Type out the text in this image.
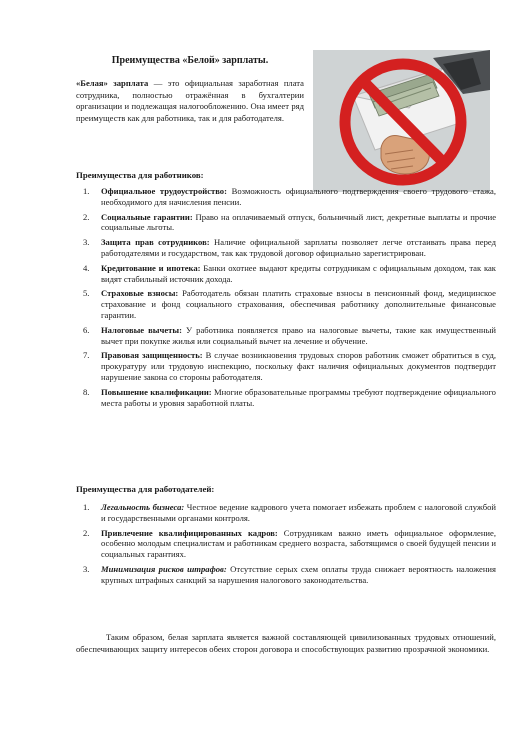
Преимущества «Белой» зарплаты.
«Белая» зарплата — это официальная заработная плата сотрудника, полностью отражённая в бухгалтерии организации и подлежащая налогообложению. Она имеет ряд преимуществ как для работника, так и для работодателя.
Преимущества для работников:
1.	Официальное трудоустройство: Возможность официального подтверждения своего трудового стажа, необходимого для начисления пенсии.
2.	Социальные гарантии: Право на оплачиваемый отпуск, больничный лист, декретные выплаты и прочие социальные льготы.
3.	Защита прав сотрудников: Наличие официальной зарплаты позволяет легче отстаивать права перед работодателями и государством, так как трудовой договор официально зарегистрирован.
4.	Кредитование и ипотека: Банки охотнее выдают кредиты сотрудникам с официальным доходом, так как видят стабильный источник дохода.
5.	Страховые взносы: Работодатель обязан платить страховые взносы в пенсионный фонд, медицинское страхование и фонд социального страхования, обеспечивая работнику дополнительные финансовые гарантии.
6.	Налоговые вычеты: У работника появляется право на налоговые вычеты, такие как имущественный вычет при покупке жилья или социальный вычет на лечение и обучение.
7.	Правовая защищенность: В случае возникновения трудовых споров работник сможет обратиться в суд, прокуратуру или трудовую инспекцию, поскольку факт наличия официальных документов подтвердит нарушение закона со стороны работодателя.
8.	Повышение квалификации: Многие образовательные программы требуют подтверждение официального места работы и уровня заработной платы.
Преимущества для работодателей:
1.	Легальность бизнеса: Честное ведение кадрового учета помогает избежать проблем с налоговой службой и государственными органами контроля.
2.	Привлечение квалифицированных кадров: Сотрудникам важно иметь официальное оформление, особенно молодым специалистам и работникам среднего возраста, заботящимся о своей будущей пенсии и социальных гарантиях.
3.	Минимизация рисков штрафов: Отсутствие серых схем оплаты труда снижает вероятность наложения крупных штрафных санкций за нарушения налогового законодательства.
Таким образом, белая зарплата является важной составляющей цивилизованных трудовых отношений, обеспечивающих защиту интересов обеих сторон договора и способствующих развитию прозрачной экономики.
